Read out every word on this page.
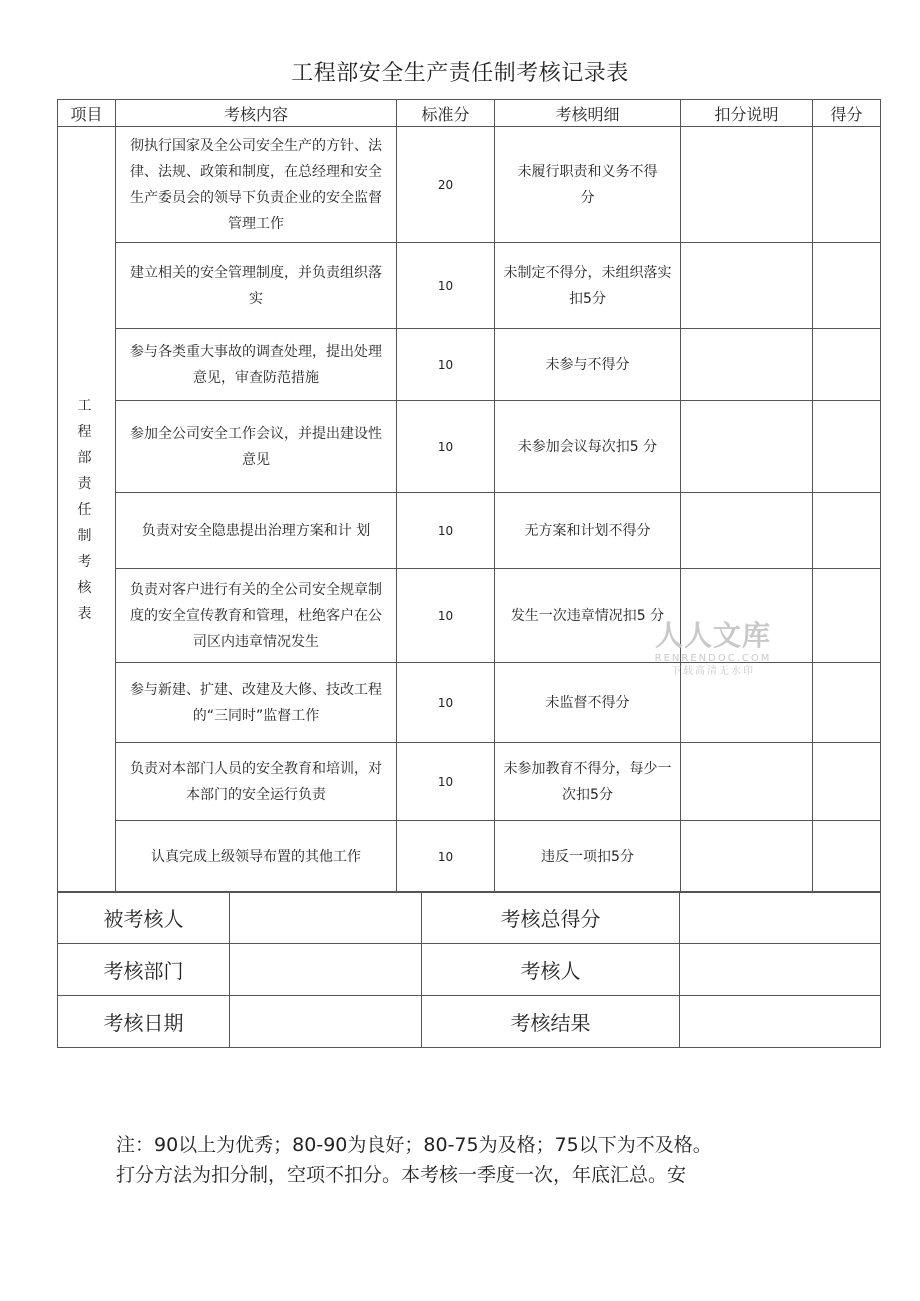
工程部安全生产责任制考核记录表
项目	考核内容	标准分	考核明细	扣分说明	得分

工 程
部 责
任 制
考 核
表	彻执行国家及全公司安全生产的方针、法律、法规、政策和制度，在总经理和安全生产委员会的领导下负责企业的安全监督管理工作	20	未履行职责和义务不得分		
	建立相关的安全管理制度，并负责组织落实	10	未制定不得分，未组织落实扣5分		
	参与各类重大事故的调查处理，提出处理意见，审查防范措施	10	未参与不得分		
	参加全公司安全工作会议，并提出建设性意见	10	未参加会议每次扣5 分		
	负责对安全隐患提出治理方案和计 划	10	无方案和计划不得分		
	负责对客户进行有关的全公司安全规章制度的安全宣传教育和管理，杜绝客户在公司区内违章情况发生	10	发生一次违章情况扣5 分		
	参与新建、扩建、改建及大修、技改工程的“三同时”监督工作	10	未监督不得分		
	负责对本部门人员的安全教育和培训，对本部门的安全运行负责	10	未参加教育不得分，每少一次扣5分		
	认真完成上级领导布置的其他工作	10	违反一项扣5分		
被考核人		考核总得分	
考核部门		考核人	
考核日期		考核结果	
注：90以上为优秀；80-90为良好；80-75为及格；75以下为不及格。
打分方法为扣分制，空项不扣分。本考核一季度一次，年底汇总。安
人人文库
RENRENDOC.COM
下载高清无水印
